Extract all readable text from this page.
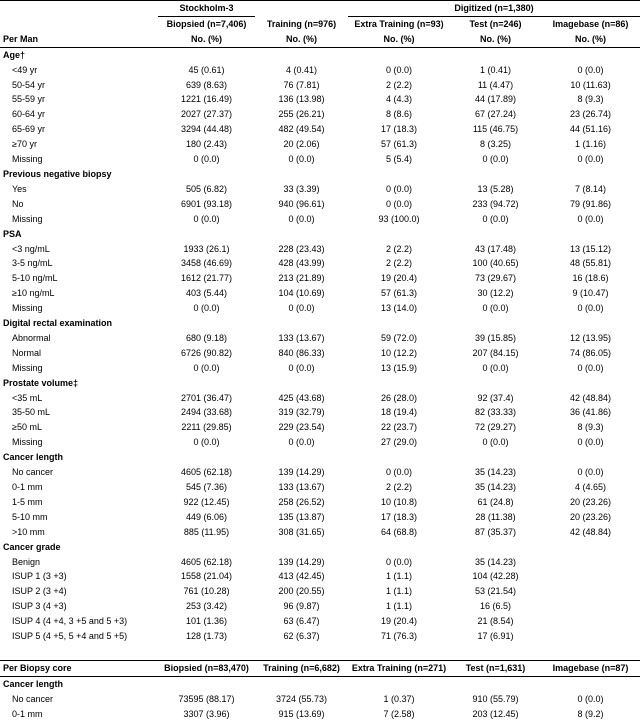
	Stockholm-3		Digitized (n=1,380)		
	Biopsied (n=7,406)	Training (n=976)	Extra Training (n=93)	Test (n=246)	Imagebase (n=86)
Per Man	No. (%)	No. (%)	No. (%)	No. (%)	No. (%)
Age†					
<49 yr	45 (0.61)	4 (0.41)	0 (0.0)	1 (0.41)	0 (0.0)
50-54 yr	639 (8.63)	76 (7.81)	2 (2.2)	11 (4.47)	10 (11.63)
55-59 yr	1221 (16.49)	136 (13.98)	4 (4.3)	44 (17.89)	8 (9.3)
60-64 yr	2027 (27.37)	255 (26.21)	8 (8.6)	67 (27.24)	23 (26.74)
65-69 yr	3294 (44.48)	482 (49.54)	17 (18.3)	115 (46.75)	44 (51.16)
≥70 yr	180 (2.43)	20 (2.06)	57 (61.3)	8 (3.25)	1 (1.16)
Missing	0 (0.0)	0 (0.0)	5 (5.4)	0 (0.0)	0 (0.0)
Previous negative biopsy					
Yes	505 (6.82)	33 (3.39)	0 (0.0)	13 (5.28)	7 (8.14)
No	6901 (93.18)	940 (96.61)	0 (0.0)	233 (94.72)	79 (91.86)
Missing	0 (0.0)	0 (0.0)	93 (100.0)	0 (0.0)	0 (0.0)
PSA					
<3 ng/mL	1933 (26.1)	228 (23.43)	2 (2.2)	43 (17.48)	13 (15.12)
3-5 ng/mL	3458 (46.69)	428 (43.99)	2 (2.2)	100 (40.65)	48 (55.81)
5-10 ng/mL	1612 (21.77)	213 (21.89)	19 (20.4)	73 (29.67)	16 (18.6)
≥10 ng/mL	403 (5.44)	104 (10.69)	57 (61.3)	30 (12.2)	9 (10.47)
Missing	0 (0.0)	0 (0.0)	13 (14.0)	0 (0.0)	0 (0.0)
Digital rectal examination					
Abnormal	680 (9.18)	133 (13.67)	59 (72.0)	39 (15.85)	12 (13.95)
Normal	6726 (90.82)	840 (86.33)	10 (12.2)	207 (84.15)	74 (86.05)
Missing	0 (0.0)	0 (0.0)	13 (15.9)	0 (0.0)	0 (0.0)
Prostate volume‡					
<35 mL	2701 (36.47)	425 (43.68)	26 (28.0)	92 (37.4)	42 (48.84)
35-50 mL	2494 (33.68)	319 (32.79)	18 (19.4)	82 (33.33)	36 (41.86)
≥50 mL	2211 (29.85)	229 (23.54)	22 (23.7)	72 (29.27)	8 (9.3)
Missing	0 (0.0)	0 (0.0)	27 (29.0)	0 (0.0)	0 (0.0)
Cancer length					
No cancer	4605 (62.18)	139 (14.29)	0 (0.0)	35 (14.23)	0 (0.0)
0-1 mm	545 (7.36)	133 (13.67)	2 (2.2)	35 (14.23)	4 (4.65)
1-5 mm	922 (12.45)	258 (26.52)	10 (10.8)	61 (24.8)	20 (23.26)
5-10 mm	449 (6.06)	135 (13.87)	17 (18.3)	28 (11.38)	20 (23.26)
>10 mm	885 (11.95)	308 (31.65)	64 (68.8)	87 (35.37)	42 (48.84)
Cancer grade					
Benign	4605 (62.18)	139 (14.29)	0 (0.0)	35 (14.23)	
ISUP 1 (3 +3)	1558 (21.04)	413 (42.45)	1 (1.1)	104 (42.28)	
ISUP 2 (3 +4)	761 (10.28)	200 (20.55)	1 (1.1)	53 (21.54)	
ISUP 3 (4 +3)	253 (3.42)	96 (9.87)	1 (1.1)	16 (6.5)	
ISUP 4 (4 +4, 3 +5 and 5 +3)	101 (1.36)	63 (6.47)	19 (20.4)	21 (8.54)	
ISUP 5 (4 +5, 5 +4 and 5 +5)	128 (1.73)	62 (6.37)	71 (76.3)	17 (6.91)	

Per Biopsy core	Biopsied (n=83,470)	Training (n=6,682)	Extra Training (n=271)	Test (n=1,631)	Imagebase (n=87)
Cancer length					
No cancer	73595 (88.17)	3724 (55.73)	1 (0.37)	910 (55.79)	0 (0.0)
0-1 mm	3307 (3.96)	915 (13.69)	7 (2.58)	203 (12.45)	8 (9.2)
